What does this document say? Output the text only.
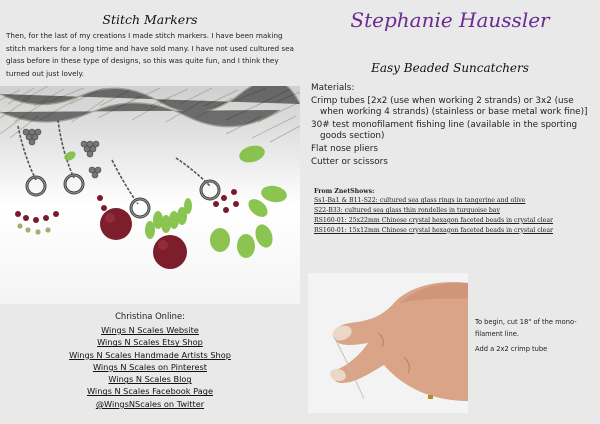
Stitch Markers
Then, for the last of my creations I made stitch markers. I have been making stitch markers for a long time and have sold many. I have not used cultured sea glass before in these type of designs, so this was quite fun, and I think they turned out just lovely.
Christina Online:
Wings N Scales Website
Wings N Scales Etsy Shop
Wings N Scales Handmade Artists Shop
Wings N Scales on Pinterest
Wings N Scales Blog
Wings N Scales Facebook Page
@WingsNScales on Twitter
Stephanie Haussler
Easy Beaded Suncatchers
Materials:
Crimp tubes [2x2 (use when working 2 strands) or 3x2 (use when working 4 strands) (stainless or base metal work fine)]
30# test monofilament fishing line (available in the sporting goods section)
Flat nose pliers
Cutter or scissors
From ZnetShows:
Ss1-Ba1 & B11-S22: cultured sea glass rings in tangerine and olive
S22-B33: cultured sea glass thin rondelles in turquoise bay
RS160-01: 25x22mm Chinese crystal hexagon faceted beads in crystal clear
RS160-01: 15x12mm Chinese crystal hexagon faceted beads in crystal clear

To begin, cut 18" of the mono-filament line.

Add a 2x2 crimp tube
